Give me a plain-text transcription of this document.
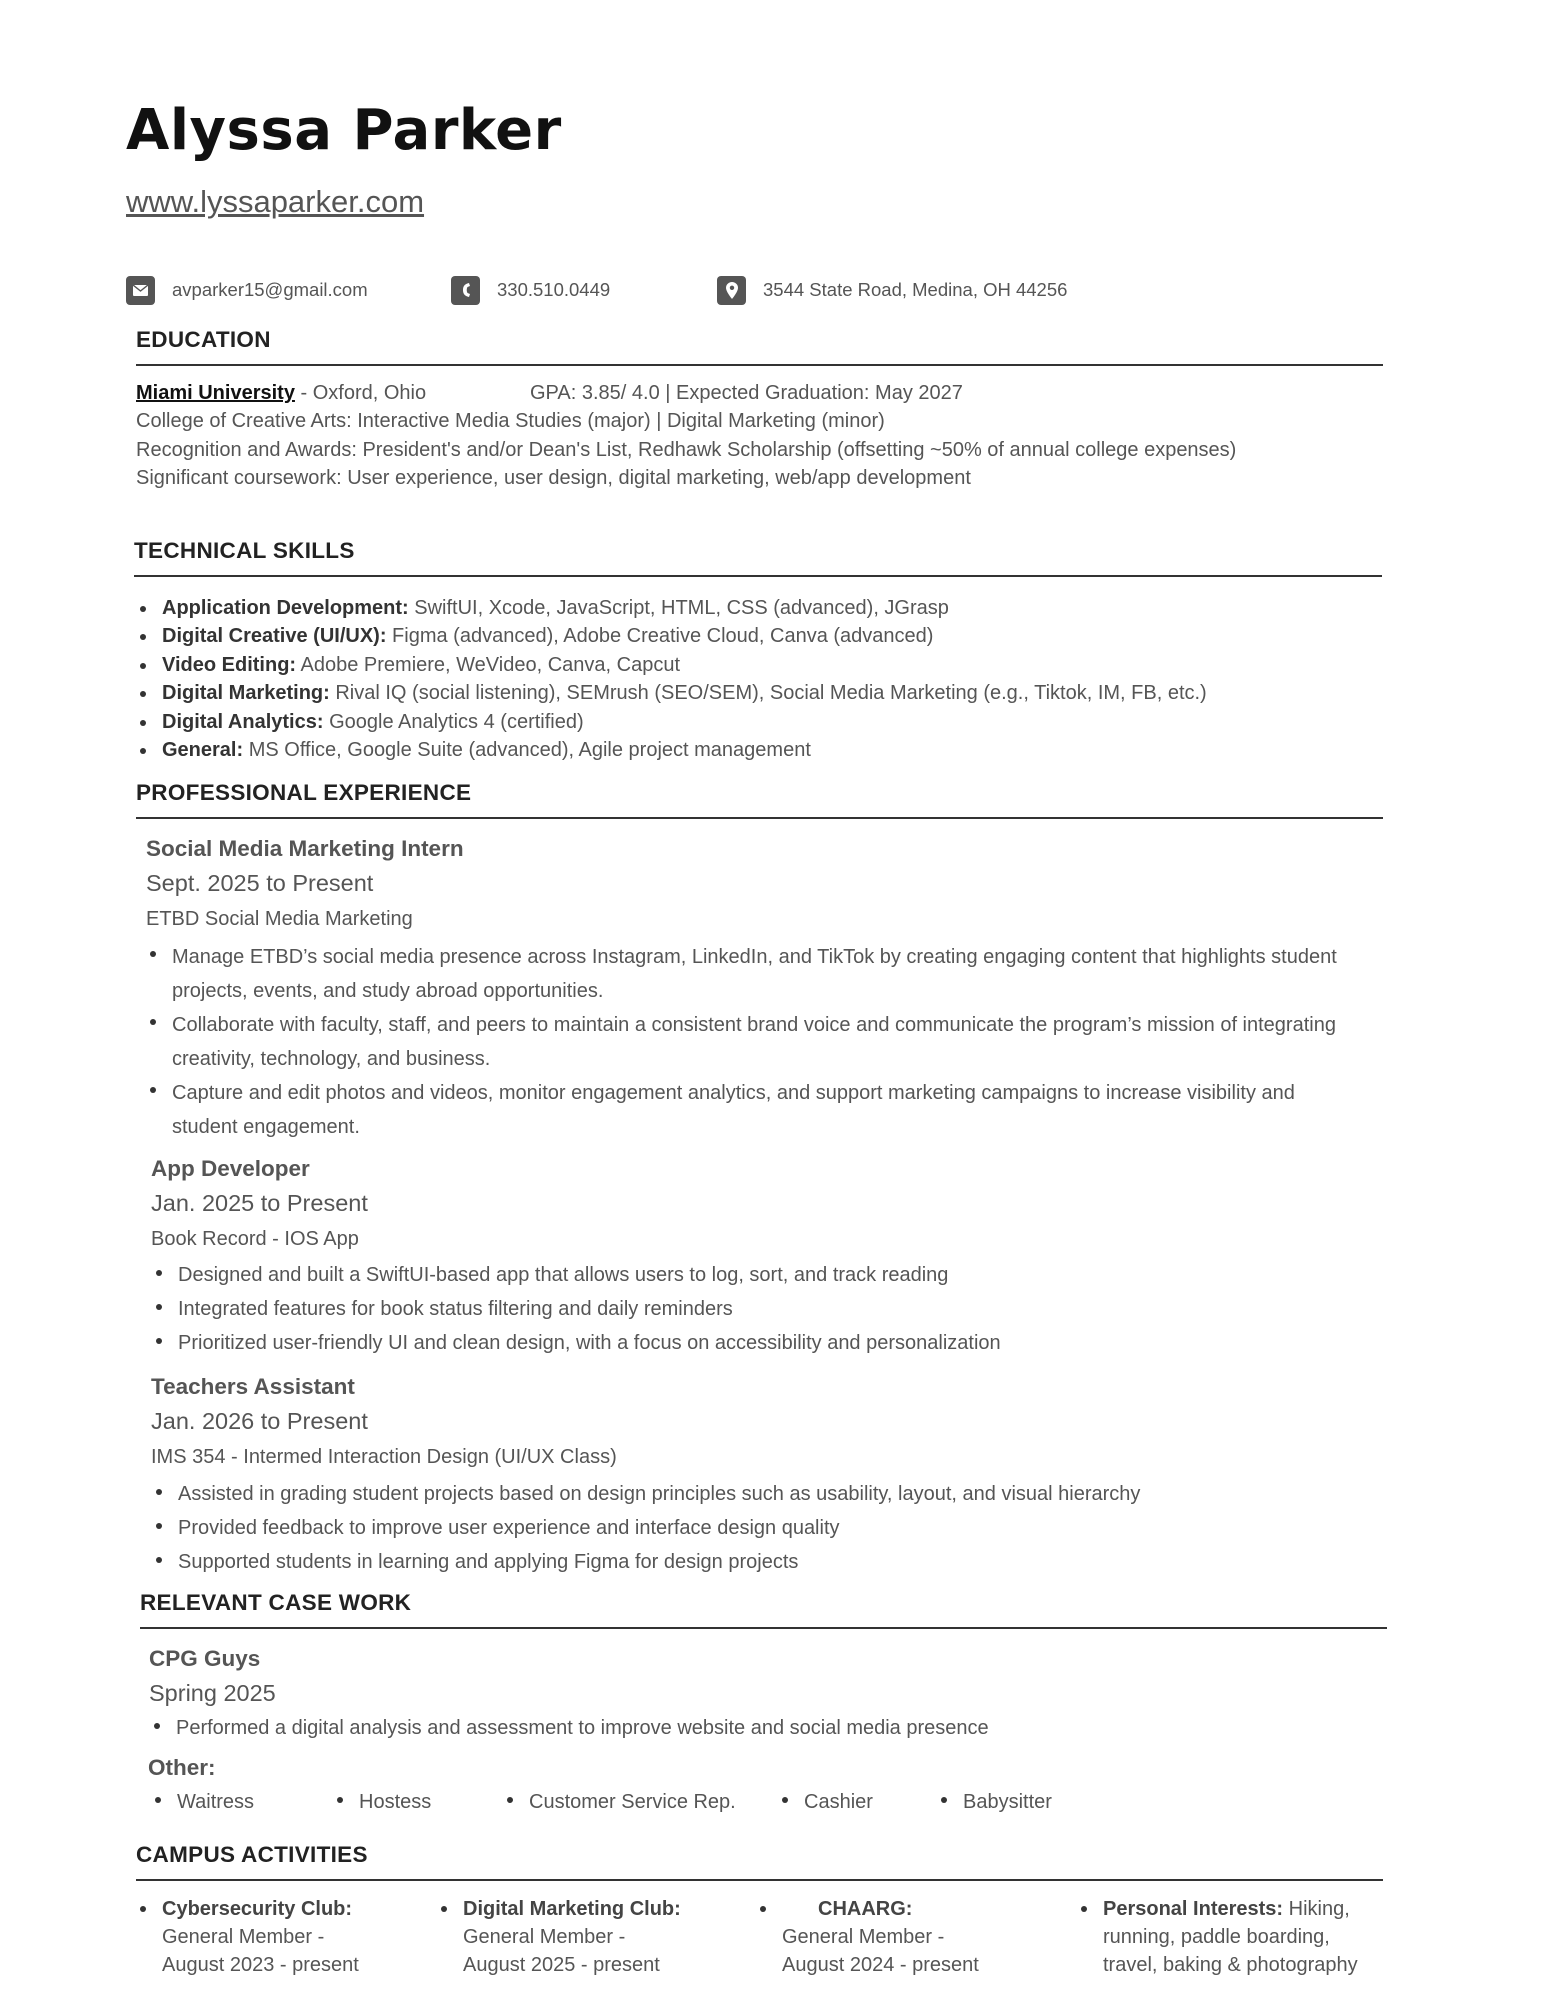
Alyssa Parker
www.lyssaparker.com
avparker15@gmail.com	330.510.0449	3544 State Road, Medina, OH 44256
EDUCATION
Miami University - Oxford, Ohio	GPA: 3.85/ 4.0 | Expected Graduation: May 2027
College of Creative Arts: Interactive Media Studies (major) | Digital Marketing (minor)
Recognition and Awards: President's and/or Dean's List, Redhawk Scholarship (offsetting ~50% of annual college expenses)
Significant coursework: User experience, user design, digital marketing, web/app development
TECHNICAL SKILLS
Application Development: SwiftUI, Xcode, JavaScript, HTML, CSS (advanced), JGrasp
Digital Creative (UI/UX): Figma (advanced), Adobe Creative Cloud, Canva (advanced)
Video Editing: Adobe Premiere, WeVideo, Canva, Capcut
Digital Marketing: Rival IQ (social listening), SEMrush (SEO/SEM), Social Media Marketing (e.g., Tiktok, IM, FB, etc.)
Digital Analytics: Google Analytics 4 (certified)
General: MS Office, Google Suite (advanced), Agile project management
PROFESSIONAL EXPERIENCE
Social Media Marketing Intern
Sept. 2025 to Present
ETBD Social Media Marketing
Manage ETBD’s social media presence across Instagram, LinkedIn, and TikTok by creating engaging content that highlights student
projects, events, and study abroad opportunities.
Collaborate with faculty, staff, and peers to maintain a consistent brand voice and communicate the program’s mission of integrating
creativity, technology, and business.
Capture and edit photos and videos, monitor engagement analytics, and support marketing campaigns to increase visibility and
student engagement.
App Developer
Jan. 2025 to Present
Book Record - IOS App
Designed and built a SwiftUI-based app that allows users to log, sort, and track reading
Integrated features for book status filtering and daily reminders
Prioritized user-friendly UI and clean design, with a focus on accessibility and personalization
Teachers Assistant
Jan. 2026 to Present
IMS 354 - Intermed Interaction Design (UI/UX Class)
Assisted in grading student projects based on design principles such as usability, layout, and visual hierarchy
Provided feedback to improve user experience and interface design quality
Supported students in learning and applying Figma for design projects
RELEVANT CASE WORK
CPG Guys
Spring 2025
Performed a digital analysis and assessment to improve website and social media presence
Other:
Waitress	Hostess	Customer Service Rep.	Cashier	Babysitter
CAMPUS ACTIVITIES
Cybersecurity Club:
General Member -
August 2023 - present
Digital Marketing Club:
General Member -
August 2025 - present
CHAARG:
General Member -
August 2024 - present
Personal Interests: Hiking,
running, paddle boarding,
travel, baking & photography
